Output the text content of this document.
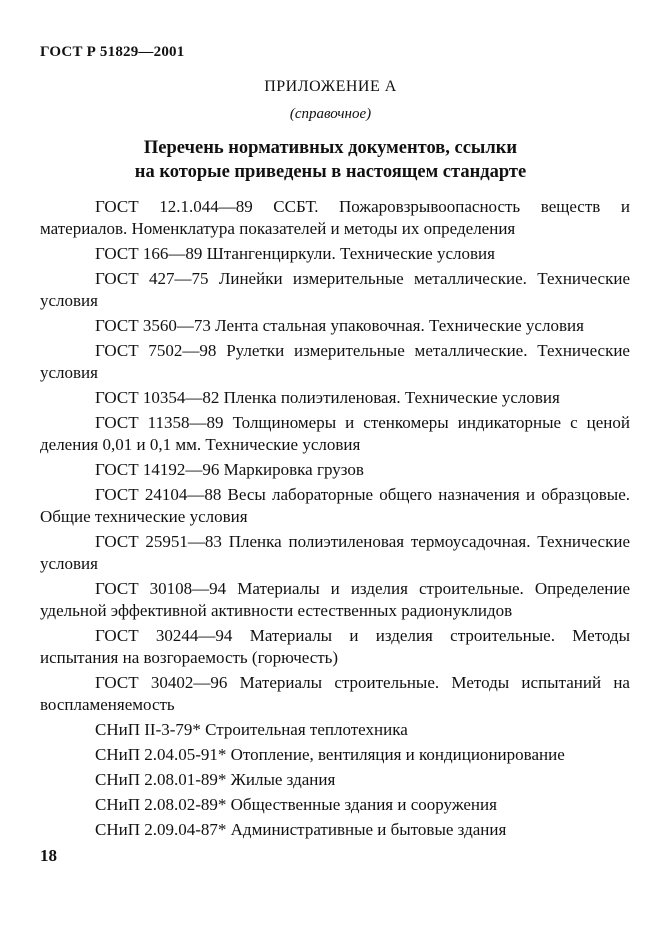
ГОСТ Р 51829—2001
ПРИЛОЖЕНИЕ А
(справочное)
Перечень нормативных документов, ссылки
на которые приведены в настоящем стандарте

ГОСТ 12.1.044—89 ССБТ. Пожаровзрывоопасность веществ и материалов. Номенклатура показателей и методы их определения

ГОСТ 166—89 Штангенциркули. Технические условия

ГОСТ 427—75 Линейки измерительные металлические. Технические условия

ГОСТ 3560—73 Лента стальная упаковочная. Технические условия

ГОСТ 7502—98 Рулетки измерительные металлические. Технические условия

ГОСТ 10354—82 Пленка полиэтиленовая. Технические условия

ГОСТ 11358—89 Толщиномеры и стенкомеры индикаторные с ценой деления 0,01 и 0,1 мм. Технические условия

ГОСТ 14192—96 Маркировка грузов

ГОСТ 24104—88 Весы лабораторные общего назначения и образцовые. Общие технические условия

ГОСТ 25951—83 Пленка полиэтиленовая термоусадочная. Технические условия

ГОСТ 30108—94 Материалы и изделия строительные. Определение удельной эффективной активности естественных радионуклидов

ГОСТ 30244—94 Материалы и изделия строительные. Методы испытания на возгораемость (горючесть)

ГОСТ 30402—96 Материалы строительные. Методы испытаний на воспламеняемость

СНиП II-3-79* Строительная теплотехника

СНиП 2.04.05-91* Отопление, вентиляция и кондиционирование

СНиП 2.08.01-89* Жилые здания

СНиП 2.08.02-89* Общественные здания и сооружения

СНиП 2.09.04-87* Административные и бытовые здания

18
